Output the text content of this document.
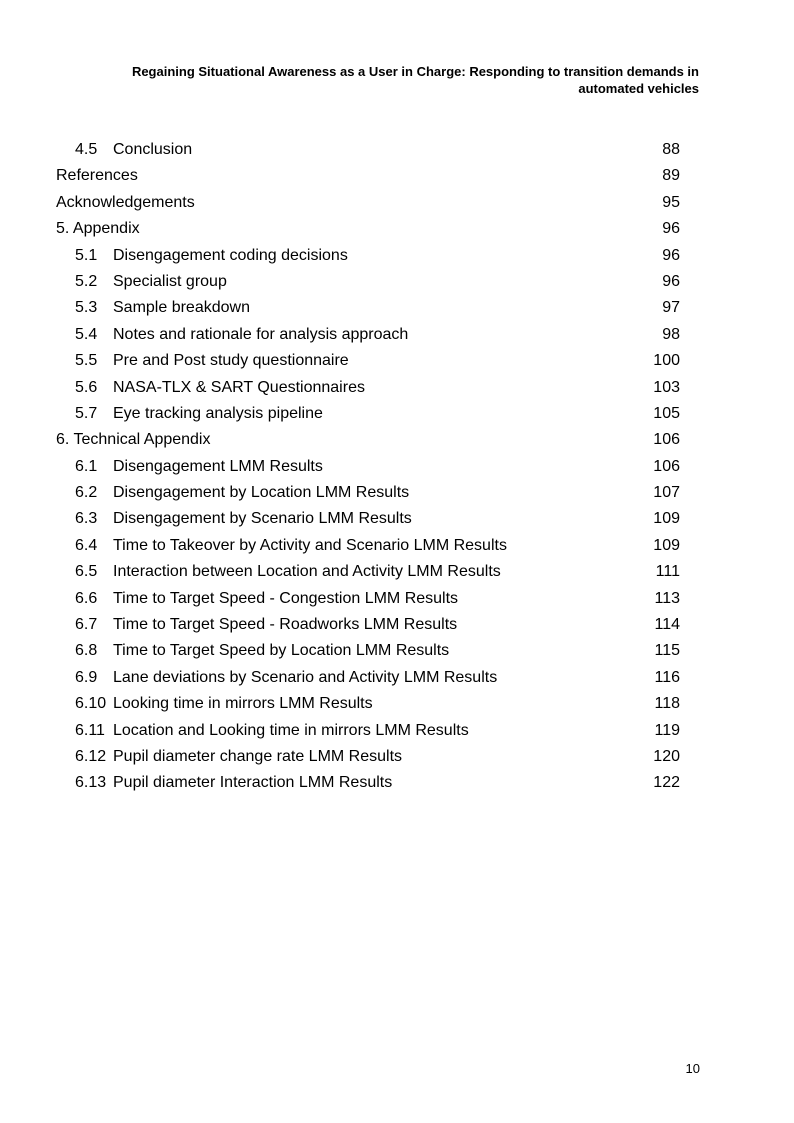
Regaining Situational Awareness as a User in Charge: Responding to transition demands in
automated vehicles
4.5 Conclusion	88
References	89
Acknowledgements	95
5. Appendix	96
5.1 Disengagement coding decisions	96
5.2 Specialist group	96
5.3 Sample breakdown	97
5.4 Notes and rationale for analysis approach	98
5.5 Pre and Post study questionnaire	100
5.6 NASA-TLX & SART Questionnaires	103
5.7 Eye tracking analysis pipeline	105
6. Technical Appendix	106
6.1 Disengagement LMM Results	106
6.2 Disengagement by Location LMM Results	107
6.3 Disengagement by Scenario LMM Results	109
6.4 Time to Takeover by Activity and Scenario LMM Results	109
6.5 Interaction between Location and Activity LMM Results	111
6.6 Time to Target Speed - Congestion LMM Results	113
6.7 Time to Target Speed - Roadworks LMM Results	114
6.8 Time to Target Speed by Location LMM Results	115
6.9 Lane deviations by Scenario and Activity LMM Results	116
6.10 Looking time in mirrors LMM Results	118
6.11 Location and Looking time in mirrors LMM Results	119
6.12 Pupil diameter change rate LMM Results	120
6.13 Pupil diameter Interaction LMM Results	122
10
